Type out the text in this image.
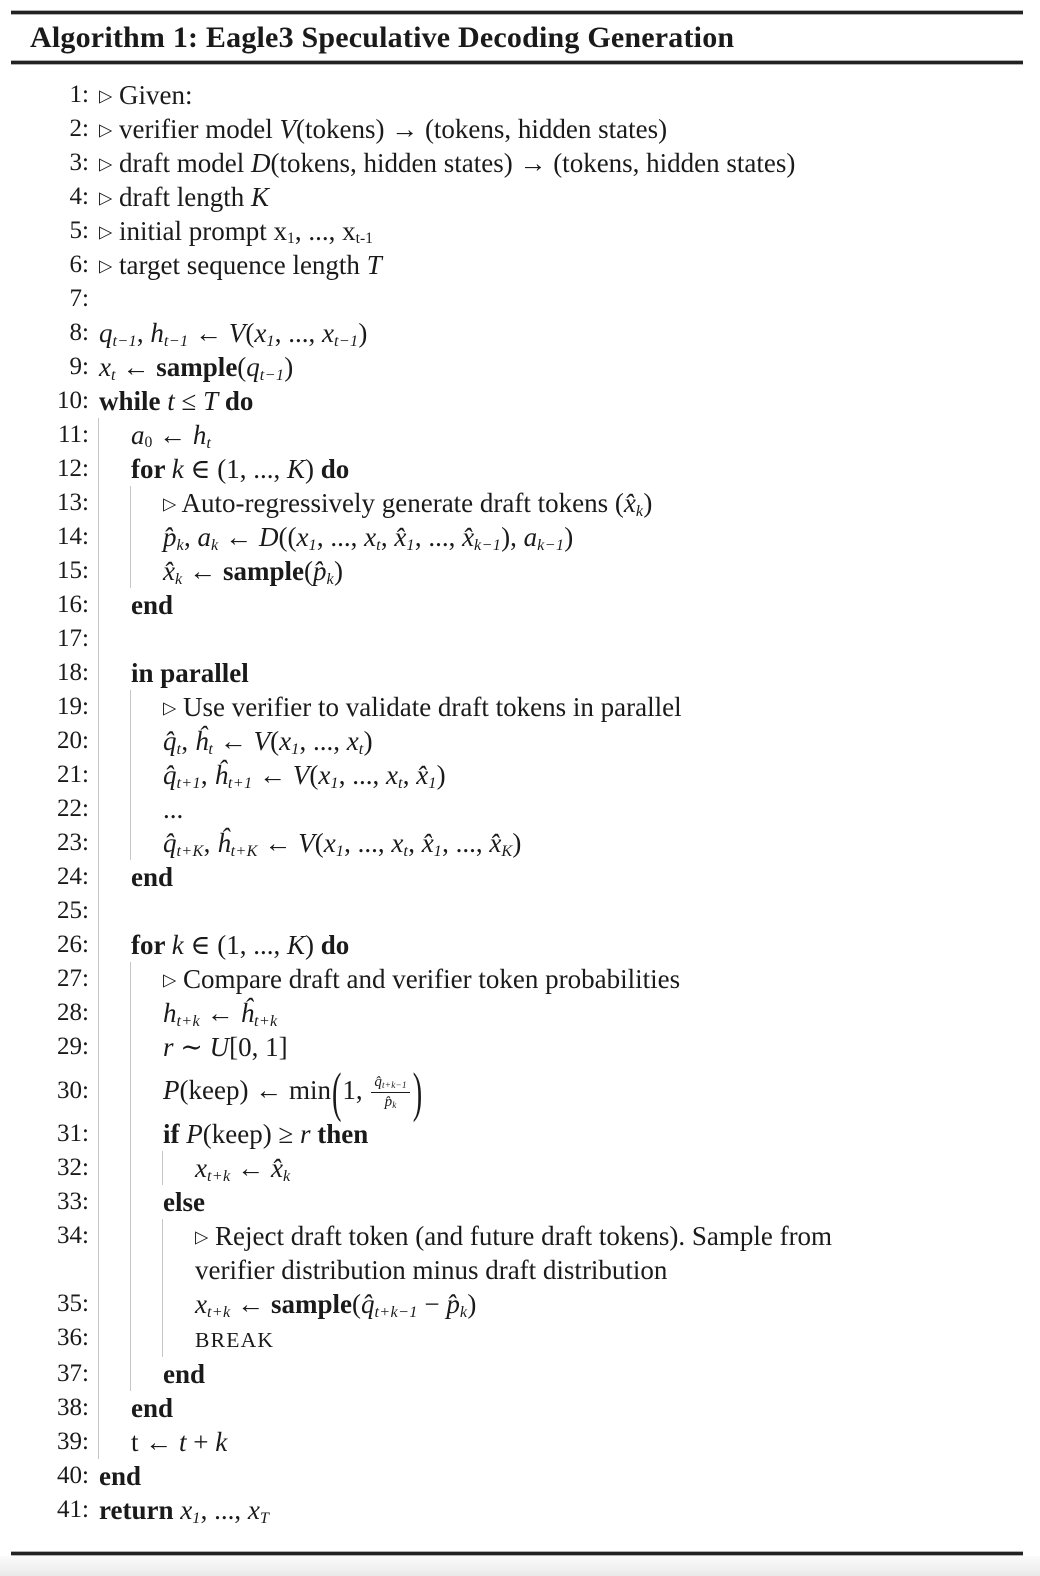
Algorithm 1: Eagle3 Speculative Decoding Generation
1: ▷ Given:
2: ▷ verifier model V(tokens) → (tokens, hidden states)
3: ▷ draft model D(tokens, hidden states) → (tokens, hidden states)
4: ▷ draft length K
5: ▷ initial prompt x1, ..., xt-1
6: ▷ target sequence length T
7:
8: qt−1, ht−1 ← V(x1, ..., xt−1)
9: xt ← sample(qt−1)
10: while t ≤ T do
11:	a0 ← ht
12:	for k ∈ (1, ..., K) do
13:	▷ Auto-regressively generate draft tokens (x̂k)
14:	p̂k, ak ← D((x1, ..., xt, x̂1, ..., x̂k−1), ak−1)
15:	x̂k ← sample(p̂k)
16:	end
17:
18:	in parallel
19:	▷ Use verifier to validate draft tokens in parallel
20:	q̂t, ĥt ← V(x1, ..., xt)
21:	q̂t+1, ĥt+1 ← V(x1, ..., xt, x̂1)
22:	...
23:	q̂t+K, ĥt+K ← V(x1, ..., xt, x̂1, ..., x̂K)
24:	end
25:
26:	for k ∈ (1, ..., K) do
27:	▷ Compare draft and verifier token probabilities
28:	ht+k ← ĥt+k
29:	r ∼ U[0, 1]
30:	P(keep) ← min(1, $\frac{q̂t+k-1}{p̂k}$ )
31:	if P(keep) ≥ r then
32:	xt+k ← x̂k
33:	else
34:	▷ Reject draft token (and future draft tokens). Sample from
verifier distribution minus draft distribution
35:	xt+k ← sample(q̂t+k−1 − p̂k)
36:	BREAK
37:	end
38:	end
39:	t ← t + k
40: end
41: return x1, ..., xT
